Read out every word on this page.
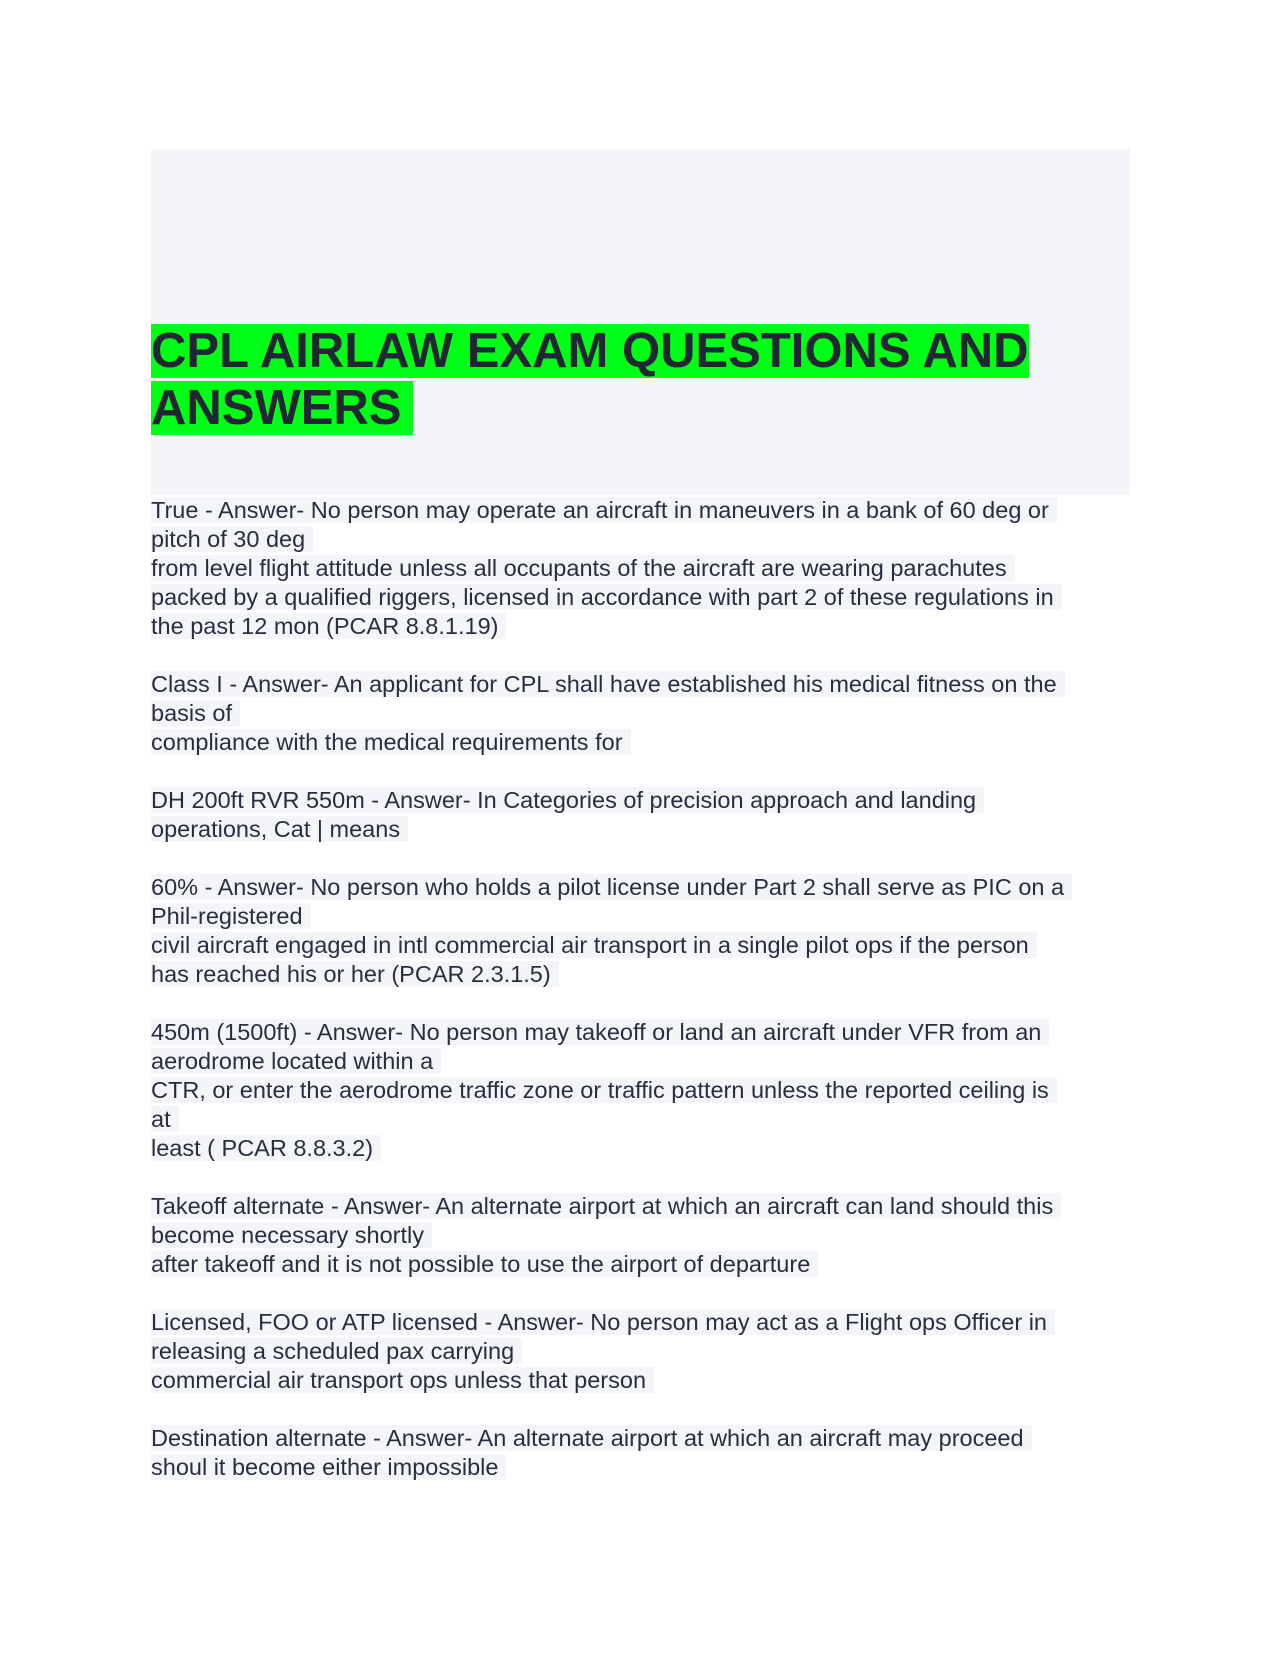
CPL AIRLAW EXAM QUESTIONS AND ANSWERS
True - Answer- No person may operate an aircraft in maneuvers in a bank of 60 deg or
pitch of 30 deg
from level flight attitude unless all occupants of the aircraft are wearing parachutes
packed by a qualified riggers, licensed in accordance with part 2 of these regulations in
the past 12 mon (PCAR 8.8.1.19)
Class I - Answer- An applicant for CPL shall have established his medical fitness on the
basis of
compliance with the medical requirements for
DH 200ft RVR 550m - Answer- In Categories of precision approach and landing
operations, Cat | means
60% - Answer- No person who holds a pilot license under Part 2 shall serve as PIC on a
Phil-registered
civil aircraft engaged in intl commercial air transport in a single pilot ops if the person
has reached his or her (PCAR 2.3.1.5)
450m (1500ft) - Answer- No person may takeoff or land an aircraft under VFR from an
aerodrome located within a
CTR, or enter the aerodrome traffic zone or traffic pattern unless the reported ceiling is
at
least ( PCAR 8.8.3.2)
Takeoff alternate - Answer- An alternate airport at which an aircraft can land should this
become necessary shortly
after takeoff and it is not possible to use the airport of departure
Licensed, FOO or ATP licensed - Answer- No person may act as a Flight ops Officer in
releasing a scheduled pax carrying
commercial air transport ops unless that person
Destination alternate - Answer- An alternate airport at which an aircraft may proceed
shoul it become either impossible
